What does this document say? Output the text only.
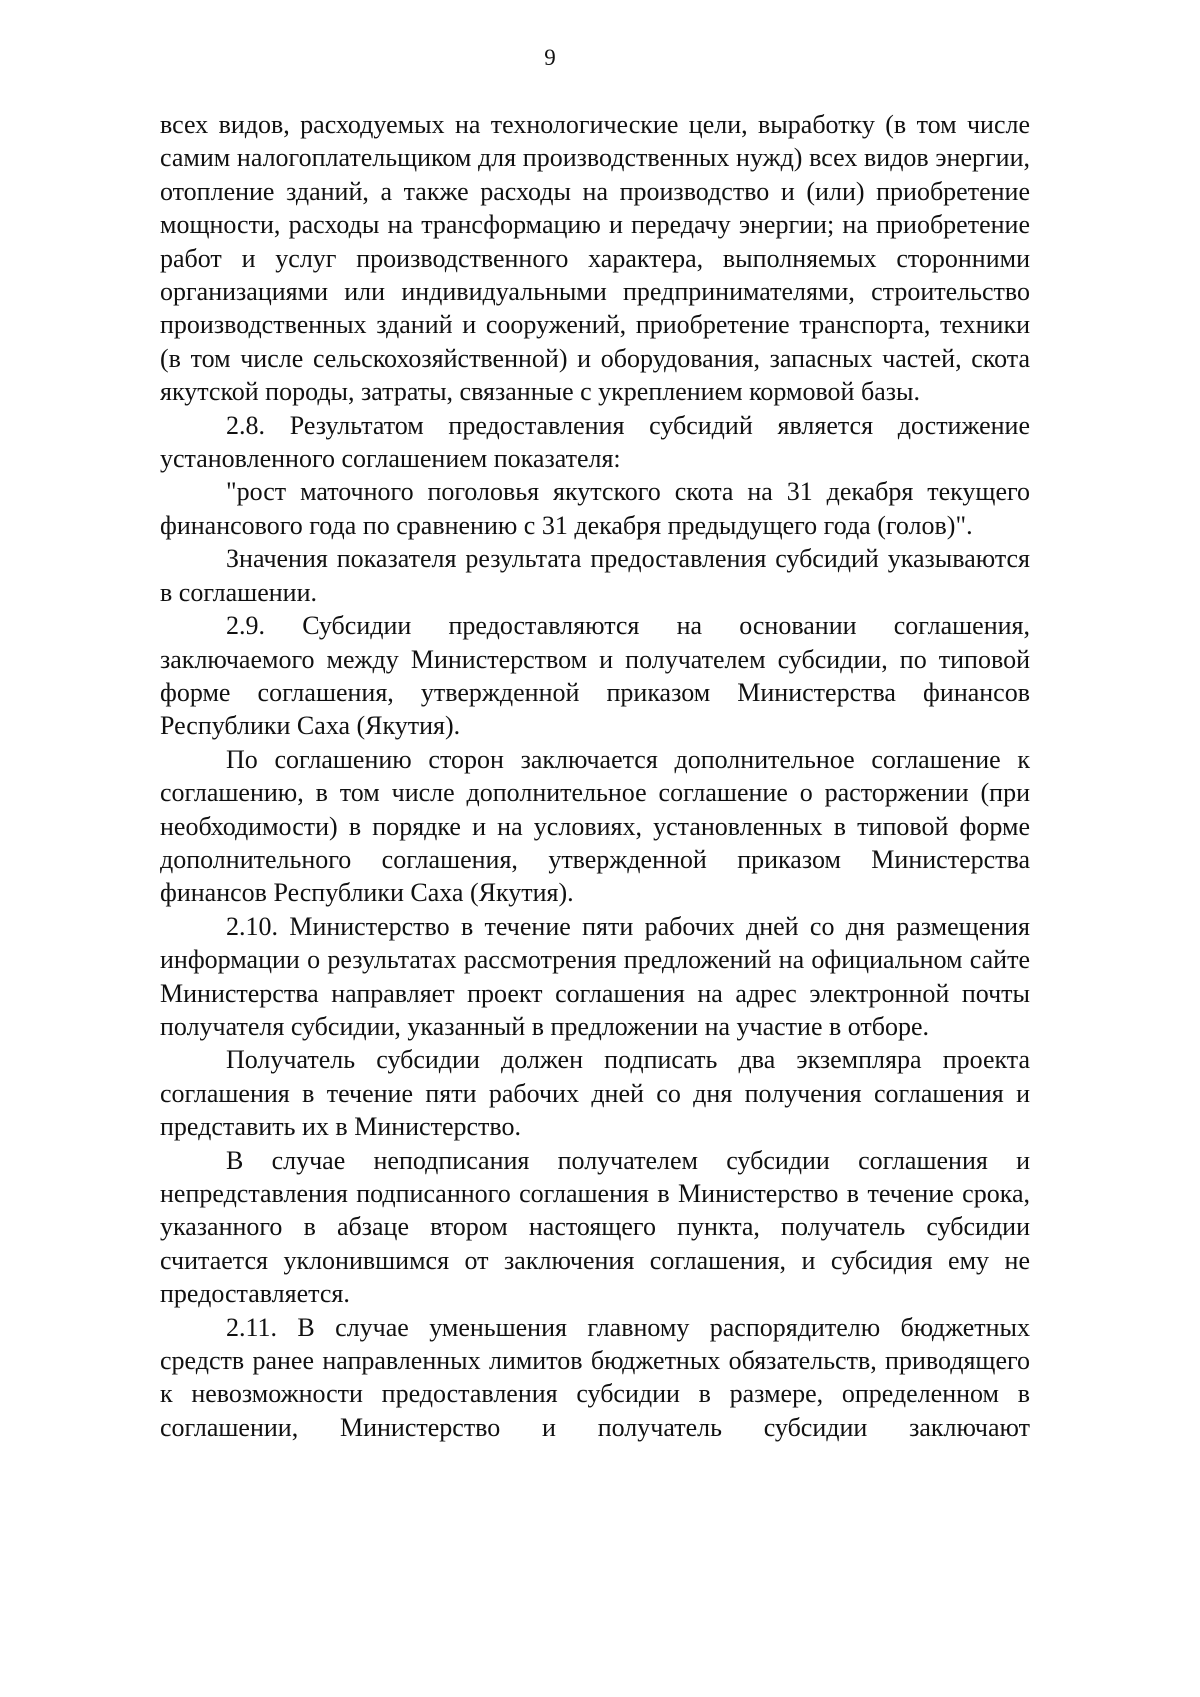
9

всех видов, расходуемых на технологические цели, выработку (в том числе самим налогоплательщиком для производственных нужд) всех видов энергии, отопление зданий, а также расходы на производство и (или) приобретение мощности, расходы на трансформацию и передачу энергии; на приобретение работ и услуг производственного характера, выполняемых сторонними организациями или индивидуальными предпринимателями, строительство производственных зданий и сооружений, приобретение транспорта, техники (в том числе сельскохозяйственной) и оборудования, запасных частей, скота якутской породы, затраты, связанные с укреплением кормовой базы.

2.8. Результатом предоставления субсидий является достижение установленного соглашением показателя:

"рост маточного поголовья якутского скота на 31 декабря текущего финансового года по сравнению с 31 декабря предыдущего года (голов)".

Значения показателя результата предоставления субсидий указываются в соглашении.

2.9. Субсидии предоставляются на основании соглашения, заключаемого между Министерством и получателем субсидии, по типовой форме соглашения, утвержденной приказом Министерства финансов Республики Саха (Якутия).

По соглашению сторон заключается дополнительное соглашение к соглашению, в том числе дополнительное соглашение о расторжении (при необходимости) в порядке и на условиях, установленных в типовой форме дополнительного соглашения, утвержденной приказом Министерства финансов Республики Саха (Якутия).

2.10. Министерство в течение пяти рабочих дней со дня размещения информации о результатах рассмотрения предложений на официальном сайте Министерства направляет проект соглашения на адрес электронной почты получателя субсидии, указанный в предложении на участие в отборе.

Получатель субсидии должен подписать два экземпляра проекта соглашения в течение пяти рабочих дней со дня получения соглашения и представить их в Министерство.

В случае неподписания получателем субсидии соглашения и непредставления подписанного соглашения в Министерство в течение срока, указанного в абзаце втором настоящего пункта, получатель субсидии считается уклонившимся от заключения соглашения, и субсидия ему не предоставляется.

2.11. В случае уменьшения главному распорядителю бюджетных средств ранее направленных лимитов бюджетных обязательств, приводящего к невозможности предоставления субсидии в размере, определенном в соглашении, Министерство и получатель субсидии заключают
